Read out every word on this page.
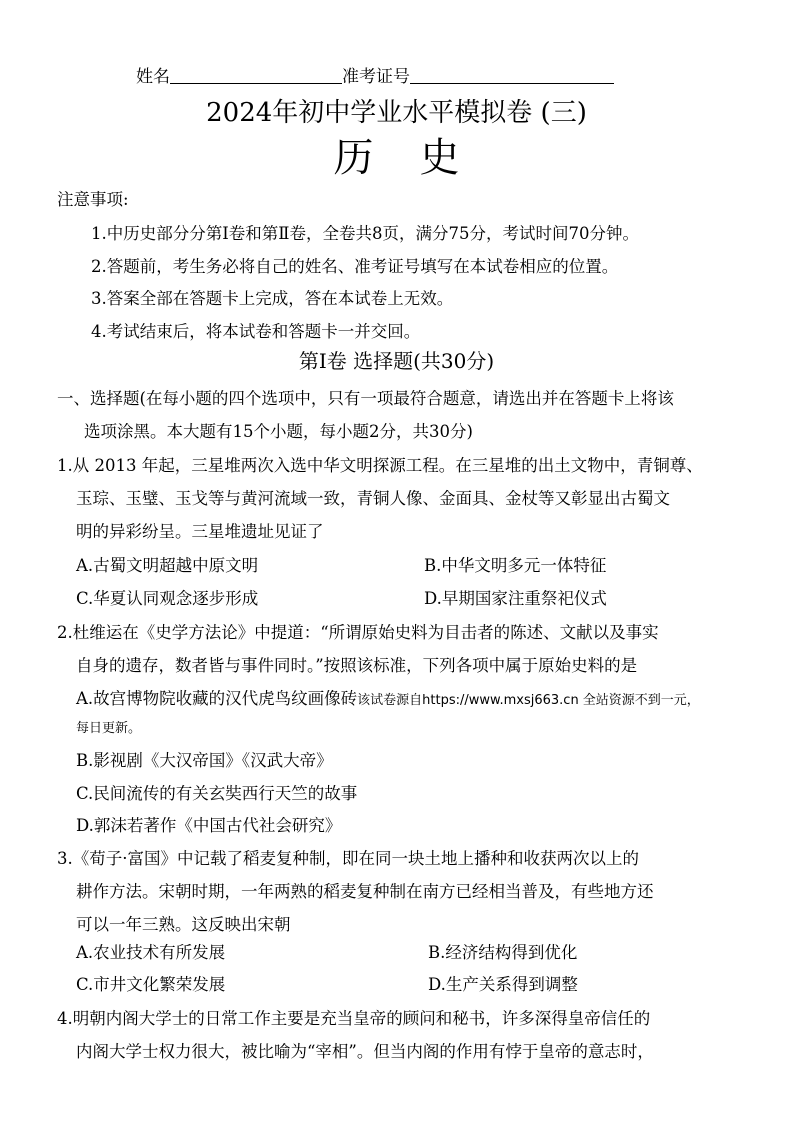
姓名	准考证号
2024年初中学业水平模拟卷 (三)
历史
注意事项:
1.中历史部分分第Ⅰ卷和第Ⅱ卷，全卷共8页，满分75分，考试时间70分钟。
2.答题前，考生务必将自己的姓名、准考证号填写在本试卷相应的位置。
3.答案全部在答题卡上完成，答在本试卷上无效。
4.考试结束后，将本试卷和答题卡一并交回。
第Ⅰ卷 选择题(共30分)
一、选择题(在每小题的四个选项中，只有一项最符合题意，请选出并在答题卡上将该
选项涂黑。本大题有15个小题，每小题2分，共30分)
1.从 2013 年起，三星堆两次入选中华文明探源工程。在三星堆的出土文物中，青铜尊、
玉琮、玉璧、玉戈等与黄河流域一致，青铜人像、金面具、金杖等又彰显出古蜀文
明的异彩纷呈。三星堆遗址见证了
A.古蜀文明超越中原文明	B.中华文明多元一体特征
C.华夏认同观念逐步形成	D.早期国家注重祭祀仪式
2.杜维运在《史学方法论》中提道：“所谓原始史料为目击者的陈述、文献以及事实
自身的遗存，数者皆与事件同时。”按照该标准，下列各项中属于原始史料的是
A.故宫博物院收藏的汉代虎鸟纹画像砖该试卷源自https://www.mxsj663.cn 全站资源不到一元，
每日更新。
B.影视剧《大汉帝国》《汉武大帝》
C.民间流传的有关玄奘西行天竺的故事
D.郭沫若著作《中国古代社会研究》
3.《荀子·富国》中记载了稻麦复种制，即在同一块土地上播种和收获两次以上的
耕作方法。宋朝时期，一年两熟的稻麦复种制在南方已经相当普及，有些地方还
可以一年三熟。这反映出宋朝
A.农业技术有所发展	B.经济结构得到优化
C.市井文化繁荣发展	D.生产关系得到调整
4.明朝内阁大学士的日常工作主要是充当皇帝的顾问和秘书，许多深得皇帝信任的
内阁大学士权力很大，被比喻为“宰相”。但当内阁的作用有悖于皇帝的意志时，
